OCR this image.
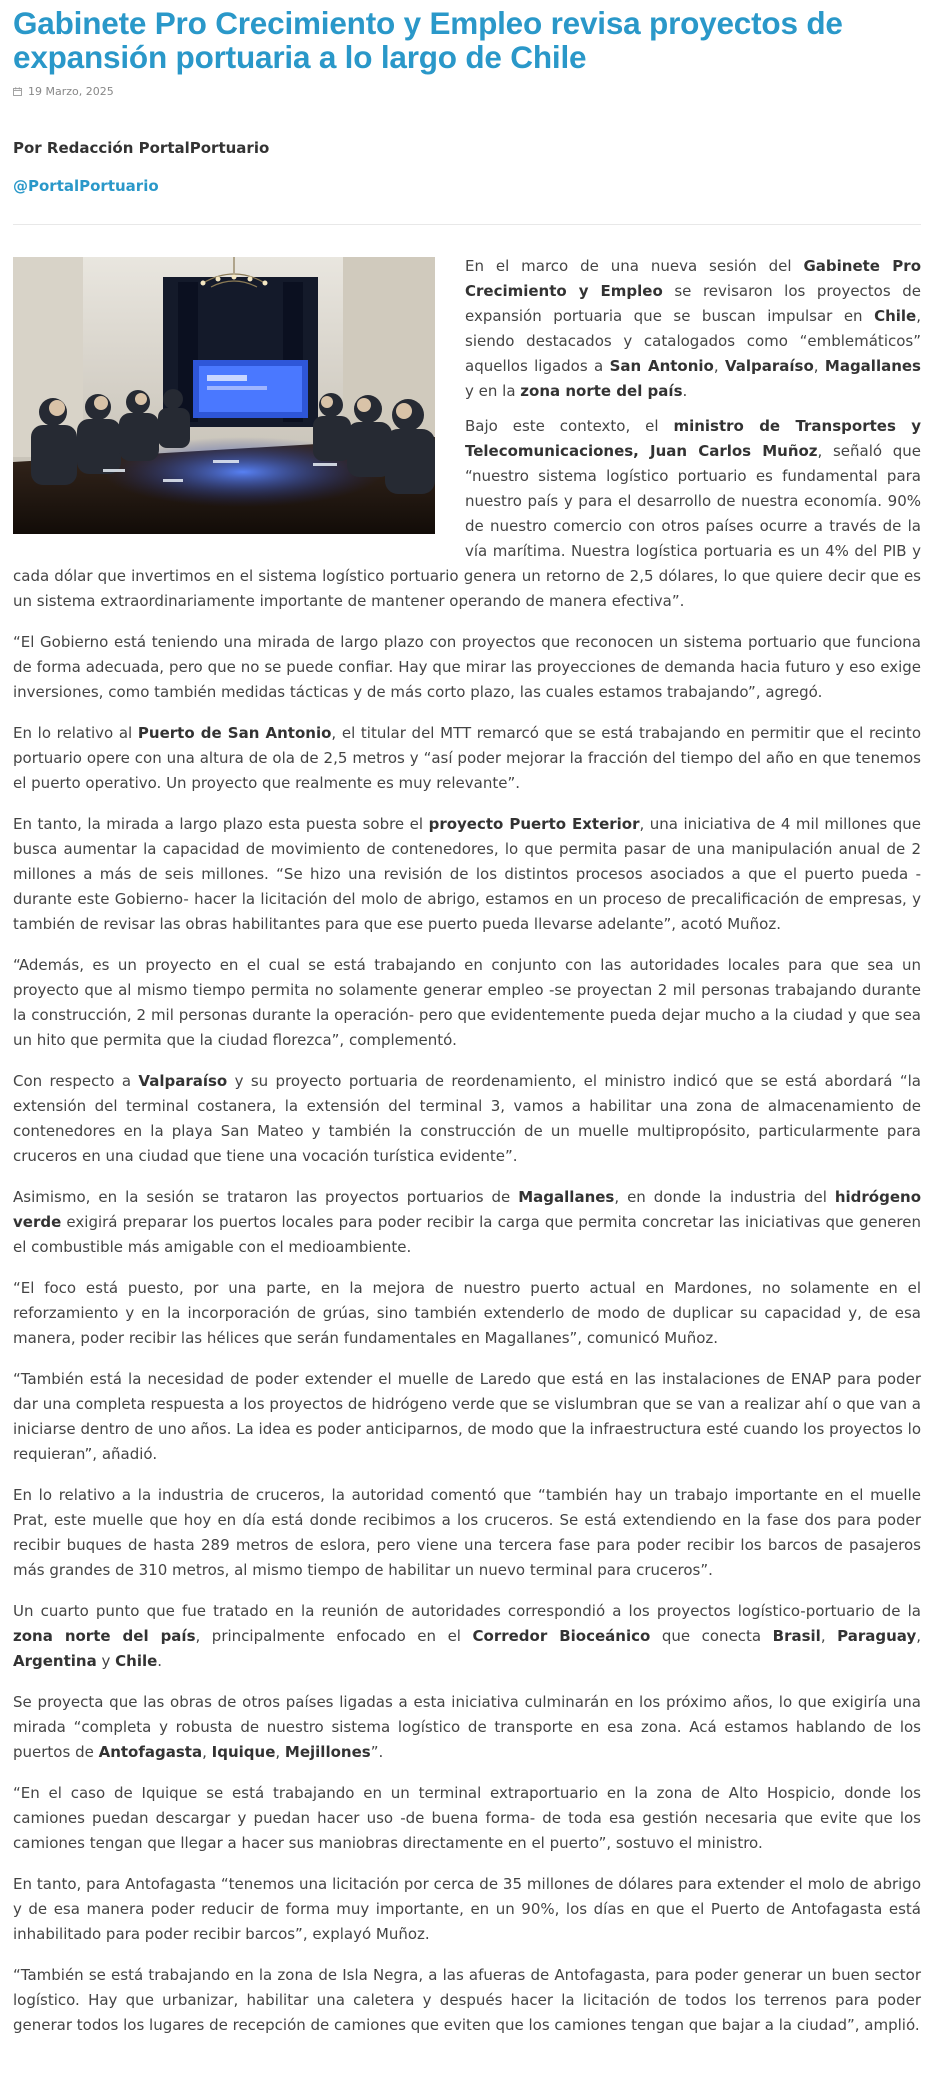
Gabinete Pro Crecimiento y Empleo revisa proyectos de expansión portuaria a lo largo de Chile
19 Marzo, 2025
Por Redacción PortalPortuario
@PortalPortuario

En el marco de una nueva sesión del Gabinete Pro Crecimiento y Empleo se revisaron los proyectos de expansión portuaria que se buscan impulsar en Chile, siendo destacados y catalogados como “emblemáticos” aquellos ligados a San Antonio, Valparaíso, Magallanes y en la zona norte del país.

Bajo este contexto, el ministro de Transportes y Telecomunicaciones, Juan Carlos Muñoz, señaló que “nuestro sistema logístico portuario es fundamental para nuestro país y para el desarrollo de nuestra economía. 90% de nuestro comercio con otros países ocurre a través de la vía marítima. Nuestra logística portuaria es un 4% del PIB y cada dólar que invertimos en el sistema logístico portuario genera un retorno de 2,5 dólares, lo que quiere decir que es un sistema extraordinariamente importante de mantener operando de manera efectiva”.

“El Gobierno está teniendo una mirada de largo plazo con proyectos que reconocen un sistema portuario que funciona de forma adecuada, pero que no se puede confiar. Hay que mirar las proyecciones de demanda hacia futuro y eso exige inversiones, como también medidas tácticas y de más corto plazo, las cuales estamos trabajando”, agregó.

En lo relativo al Puerto de San Antonio, el titular del MTT remarcó que se está trabajando en permitir que el recinto portuario opere con una altura de ola de 2,5 metros y “así poder mejorar la fracción del tiempo del año en que tenemos el puerto operativo. Un proyecto que realmente es muy relevante”.

En tanto, la mirada a largo plazo esta puesta sobre el proyecto Puerto Exterior, una iniciativa de 4 mil millones que busca aumentar la capacidad de movimiento de contenedores, lo que permita pasar de una manipulación anual de 2 millones a más de seis millones. “Se hizo una revisión de los distintos procesos asociados a que el puerto pueda -durante este Gobierno- hacer la licitación del molo de abrigo, estamos en un proceso de precalificación de empresas, y también de revisar las obras habilitantes para que ese puerto pueda llevarse adelante”, acotó Muñoz.

“Además, es un proyecto en el cual se está trabajando en conjunto con las autoridades locales para que sea un proyecto que al mismo tiempo permita no solamente generar empleo -se proyectan 2 mil personas trabajando durante la construcción, 2 mil personas durante la operación- pero que evidentemente pueda dejar mucho a la ciudad y que sea un hito que permita que la ciudad florezca”, complementó.

Con respecto a Valparaíso y su proyecto portuaria de reordenamiento, el ministro indicó que se está abordará “la extensión del terminal costanera, la extensión del terminal 3, vamos a habilitar una zona de almacenamiento de contenedores en la playa San Mateo y también la construcción de un muelle multipropósito, particularmente para cruceros en una ciudad que tiene una vocación turística evidente”.

Asimismo, en la sesión se trataron las proyectos portuarios de Magallanes, en donde la industria del hidrógeno verde exigirá preparar los puertos locales para poder recibir la carga que permita concretar las iniciativas que generen el combustible más amigable con el medioambiente.

“El foco está puesto, por una parte, en la mejora de nuestro puerto actual en Mardones, no solamente en el reforzamiento y en la incorporación de grúas, sino también extenderlo de modo de duplicar su capacidad y, de esa manera, poder recibir las hélices que serán fundamentales en Magallanes”, comunicó Muñoz.

“También está la necesidad de poder extender el muelle de Laredo que está en las instalaciones de ENAP para poder dar una completa respuesta a los proyectos de hidrógeno verde que se vislumbran que se van a realizar ahí o que van a iniciarse dentro de uno años. La idea es poder anticiparnos, de modo que la infraestructura esté cuando los proyectos lo requieran”, añadió.

En lo relativo a la industria de cruceros, la autoridad comentó que “también hay un trabajo importante en el muelle Prat, este muelle que hoy en día está donde recibimos a los cruceros. Se está extendiendo en la fase dos para poder recibir buques de hasta 289 metros de eslora, pero viene una tercera fase para poder recibir los barcos de pasajeros más grandes de 310 metros, al mismo tiempo de habilitar un nuevo terminal para cruceros”.

Un cuarto punto que fue tratado en la reunión de autoridades correspondió a los proyectos logístico-portuario de la zona norte del país, principalmente enfocado en el Corredor Bioceánico que conecta Brasil, Paraguay, Argentina y Chile.

Se proyecta que las obras de otros países ligadas a esta iniciativa culminarán en los próximo años, lo que exigiría una mirada “completa y robusta de nuestro sistema logístico de transporte en esa zona. Acá estamos hablando de los puertos de Antofagasta, Iquique, Mejillones”.

“En el caso de Iquique se está trabajando en un terminal extraportuario en la zona de Alto Hospicio, donde los camiones puedan descargar y puedan hacer uso -de buena forma- de toda esa gestión necesaria que evite que los camiones tengan que llegar a hacer sus maniobras directamente en el puerto”, sostuvo el ministro.

En tanto, para Antofagasta “tenemos una licitación por cerca de 35 millones de dólares para extender el molo de abrigo y de esa manera poder reducir de forma muy importante, en un 90%, los días en que el Puerto de Antofagasta está inhabilitado para poder recibir barcos”, explayó Muñoz.

“También se está trabajando en la zona de Isla Negra, a las afueras de Antofagasta, para poder generar un buen sector logístico. Hay que urbanizar, habilitar una caletera y después hacer la licitación de todos los terrenos para poder generar todos los lugares de recepción de camiones que eviten que los camiones tengan que bajar a la ciudad”, amplió.
